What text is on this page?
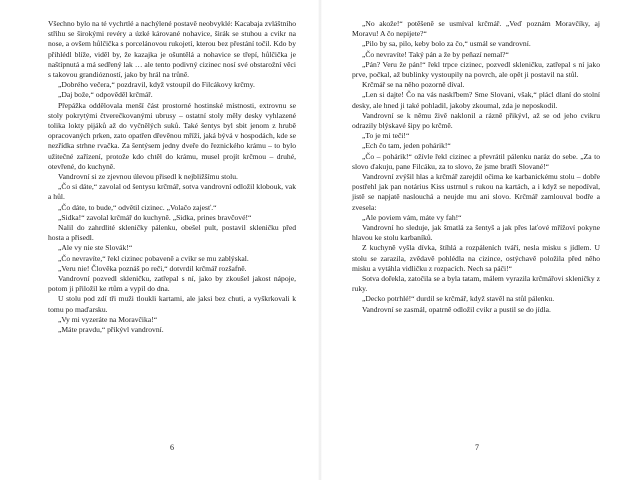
Všechno bylo na té vychrtlé a nachýlené postavě neobvyklé: Kacabaja zvláštního střihu se širokými revéry a úzké kárované nohavice, širák se stuhou a cvikr na nose, a ovšem hůlčička s porcelánovou rukojetí, kterou bez přestání točil. Kdo by přihlédl blíže, viděl by, že kazajka je ošuntělá a nohavice se třepí, hůlčička je naštípnutá a má sedřený lak … ale tento podivný cizinec nosí své obstarožní věci s takovou grandiózností, jako by hrál na trůně.

„Dobrého večera,“ pozdravil, když vstoupil do Filcákovy krčmy.

„Daj bože,“ odpověděl krčmář.

Přepážka oddělovala menší část prostorné hostinské místnosti, extrovnu se stoly pokrytými čtverečkovanými ubrusy – ostatní stoly měly desky vyhlazené tolika lokty pijáků až do vyčnělých suků. Také šentys byl sbit jenom z hrubě opracovaných prken, zato opatřen dřevěnou mříží, jaká bývá v hospodách, kde se nezřídka strhne rvačka. Za šentýsem jedny dveře do řeznického krámu – to bylo užitečné zařízení, protože kdo chtěl do krámu, musel projít krčmou – druhé, otevřené, do kuchyně.

Vandrovní si ze zjevnou úlevou přisedl k nejbližšímu stolu.

„Čo si dáte,“ zavolal od šentysu krčmář, sotva vandrovní odložil klobouk, vak a hůl.

„Čo dáte, to bude,“ odvětil cizinec. „Volačo zajesť.“

„Sidka!“ zavolal krčmář do kuchyně. „Sidka, prines bravčové!“

Nalil do zahrdlité skleničky pálenku, obešel pult, postavil skleničku před hosta a přisedl.

„Ale vy nie ste Slovák!“

„Čo nevravíte,“ řekl cizinec pobaveně a cvikr se mu zablýskal.

„Veru nie! Člověka poznáš po reči,“ dotvrdil krčmář rozšafně.

Vandrovní pozvedl skleničku, zatřepal s ní, jako by zkoušel jakost nápoje, potom ji přiložil ke rtům a vypil do dna.

U stolu pod zdí tři muži tloukli kartami, ale jaksi bez chuti, a vyškrkovali k tomu po maďarsku.

„Vy mi vyzeráte na Moravčika!“

„Máte pravdu,“ přikývl vandrovní.

6

„No akože!“ potěšeně se usmíval krčmář. „Veď poznám Moravčíky, aj Moravu! A čo nepijete?“

„Pilo by sa, pilo, keby bolo za čo,“ usmál se vandrovní.

„Čo nevravíte! Taký pán a že by peňazí nemal?“

„Pán? Veru že pán!“ řekl trpce cizinec, pozvedl skleničku, zatřepal s ní jako prve, počkal, až bublinky vystoupily na povrch, ale opět ji postavil na stůl.

Krčmář se na něho pozorně díval.

„Len si dajte! Čo na vás naskľbem? Sme Slovani, však,“ plácl dlaní do stolní desky, ale hned ji také pohladil, jakoby zkoumal, zda je neposkodil.

Vandrovní se k němu živě naklonil a rázně přikývl, až se od jeho cvikru odrazily blýskavé šipy po krčmě.

„To je mi teči!“

„Ech čo tam, jeden pohárik!“

„Čo – pohárik!“ ožívle řekl cizinec a převrátil pálenku naráz do sebe. „Za to slovo ďakuju, pane Filcáku, za to slovo, že jsme bratři Slované!“

Vandrovní zvýšil hlas a krčmář zarejdil očima ke karbanickému stolu – dobře postřehl jak pan notárius Kiss ustrnul s rukou na kartách, a i když se nepodíval, jistě se napjatě naslouchá a neujde mu ani slovo. Krčmář zamlouval bodře a zvesela:

„Ale poviem vám, máte vy fah!“

Vandrovní ho sleduje, jak šmatlá za šentyš a jak přes laťové mřížoví pokyne hlavou ke stolu karbaníků.

Z kuchyně vyšla dívka, štíhlá a rozpáleních tváří, nesla misku s jídlem. U stolu se zarazila, zvědavě pohlédla na cizince, ostýchavě položila před něho misku a vytáhla vidličku z rozpacích. Nech sa páči!“

Sotva dořekla, zatočila se a byla tatam, málem vyrazila krčmářovi skleničky z ruky.

„Decko potrhlé!“ durdil se krčmář, když stavěl na stůl pálenku.

Vandrovní se zasmál, opatrně odložil cvikr a pustil se do jídla.

7
